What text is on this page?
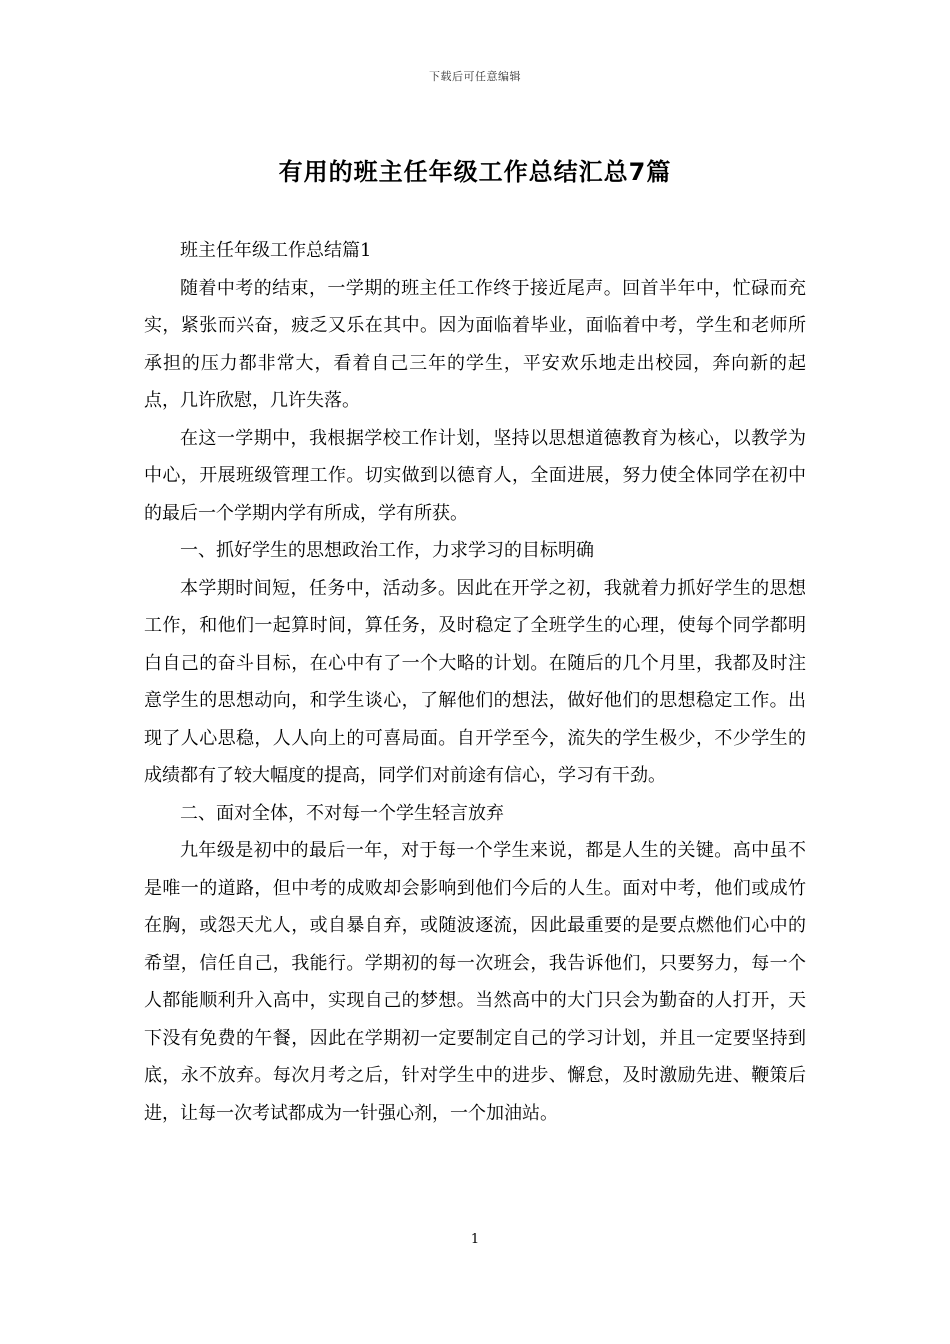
下载后可任意编辑
有用的班主任年级工作总结汇总7篇

班主任年级工作总结篇1

随着中考的结束，一学期的班主任工作终于接近尾声。回首半年中，忙碌而充实，紧张而兴奋，疲乏又乐在其中。因为面临着毕业，面临着中考，学生和老师所承担的压力都非常大，看着自己三年的学生，平安欢乐地走出校园，奔向新的起点，几许欣慰，几许失落。

在这一学期中，我根据学校工作计划，坚持以思想道德教育为核心，以教学为中心，开展班级管理工作。切实做到以德育人，全面进展，努力使全体同学在初中的最后一个学期内学有所成，学有所获。

一、抓好学生的思想政治工作，力求学习的目标明确

本学期时间短，任务中，活动多。因此在开学之初，我就着力抓好学生的思想工作，和他们一起算时间，算任务，及时稳定了全班学生的心理，使每个同学都明白自己的奋斗目标，在心中有了一个大略的计划。在随后的几个月里，我都及时注意学生的思想动向，和学生谈心，了解他们的想法，做好他们的思想稳定工作。出现了人心思稳，人人向上的可喜局面。自开学至今，流失的学生极少，不少学生的成绩都有了较大幅度的提高，同学们对前途有信心，学习有干劲。

二、面对全体，不对每一个学生轻言放弃

九年级是初中的最后一年，对于每一个学生来说，都是人生的关键。高中虽不是唯一的道路，但中考的成败却会影响到他们今后的人生。面对中考，他们或成竹在胸，或怨天尤人，或自暴自弃，或随波逐流，因此最重要的是要点燃他们心中的希望，信任自己，我能行。学期初的每一次班会，我告诉他们，只要努力，每一个人都能顺利升入高中，实现自己的梦想。当然高中的大门只会为勤奋的人打开，天下没有免费的午餐，因此在学期初一定要制定自己的学习计划，并且一定要坚持到底，永不放弃。每次月考之后，针对学生中的进步、懈怠，及时激励先进、鞭策后进，让每一次考试都成为一针强心剂，一个加油站。

1
